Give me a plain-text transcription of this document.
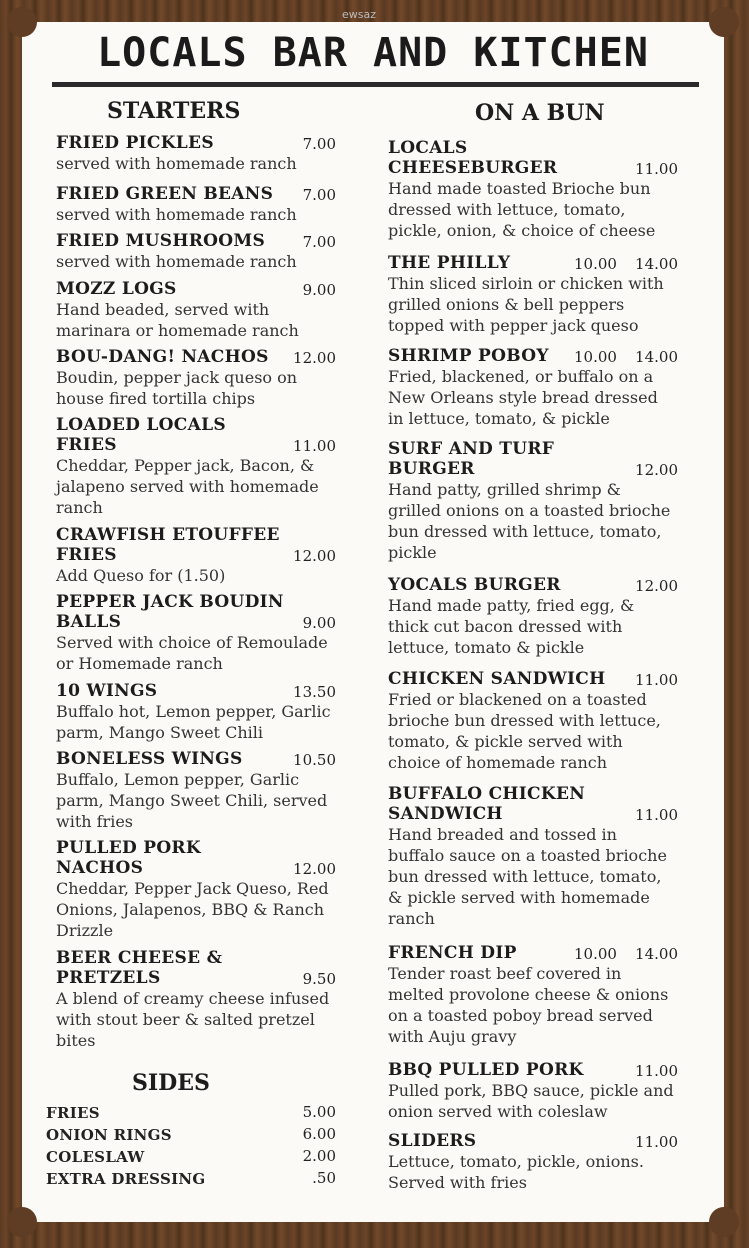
ewsaz
LOCALS BAR AND KITCHEN
STARTERS
FRIED PICKLES
served with homemade ranch
7.00
FRIED GREEN BEANS
served with homemade ranch
7.00
FRIED MUSHROOMS
served with homemade ranch
7.00
MOZZ LOGS
Hand beaded, served with marinara or homemade ranch
9.00
BOU-DANG! NACHOS
Boudin, pepper jack queso on house fired tortilla chips
12.00
LOADED LOCALS FRIES
Cheddar, Pepper jack, Bacon, & jalapeno served with homemade ranch
11.00
CRAWFISH ETOUFFEE FRIES
Add Queso for (1.50)
12.00
PEPPER JACK BOUDIN BALLS
Served with choice of Remoulade or Homemade ranch
9.00
10 WINGS
Buffalo hot, Lemon pepper, Garlic parm, Mango Sweet Chili
13.50
BONELESS WINGS
Buffalo, Lemon pepper, Garlic parm, Mango Sweet Chili, served with fries
10.50
PULLED PORK NACHOS
Cheddar, Pepper Jack Queso, Red Onions, Jalapenos, BBQ & Ranch Drizzle
12.00
BEER CHEESE & PRETZELS
A blend of creamy cheese infused with stout beer & salted pretzel bites
9.50
SIDES
FRIES	5.00
ONION RINGS	6.00
COLESLAW	2.00
EXTRA DRESSING	.50
ON A BUN
LOCALS CHEESEBURGER
Hand made toasted Brioche bun dressed with lettuce, tomato, pickle, onion, & choice of cheese
11.00
THE PHILLY
Thin sliced sirloin or chicken with grilled onions & bell peppers topped with pepper jack queso
10.00 14.00
SHRIMP POBOY
Fried, blackened, or buffalo on a New Orleans style bread dressed in lettuce, tomato, & pickle
10.00 14.00
SURF AND TURF BURGER
Hand patty, grilled shrimp & grilled onions on a toasted brioche bun dressed with lettuce, tomato, pickle
12.00
YOCALS BURGER
Hand made patty, fried egg, & thick cut bacon dressed with lettuce, tomato & pickle
12.00
CHICKEN SANDWICH
Fried or blackened on a toasted brioche bun dressed with lettuce, tomato, & pickle served with choice of homemade ranch
11.00
BUFFALO CHICKEN SANDWICH
Hand breaded and tossed in buffalo sauce on a toasted brioche bun dressed with lettuce, tomato, & pickle served with homemade ranch
11.00
FRENCH DIP
Tender roast beef covered in melted provolone cheese & onions on a toasted poboy bread served with Auju gravy
10.00 14.00
BBQ PULLED PORK
Pulled pork, BBQ sauce, pickle and onion served with coleslaw
11.00
SLIDERS
Lettuce, tomato, pickle, onions. Served with fries
11.00
